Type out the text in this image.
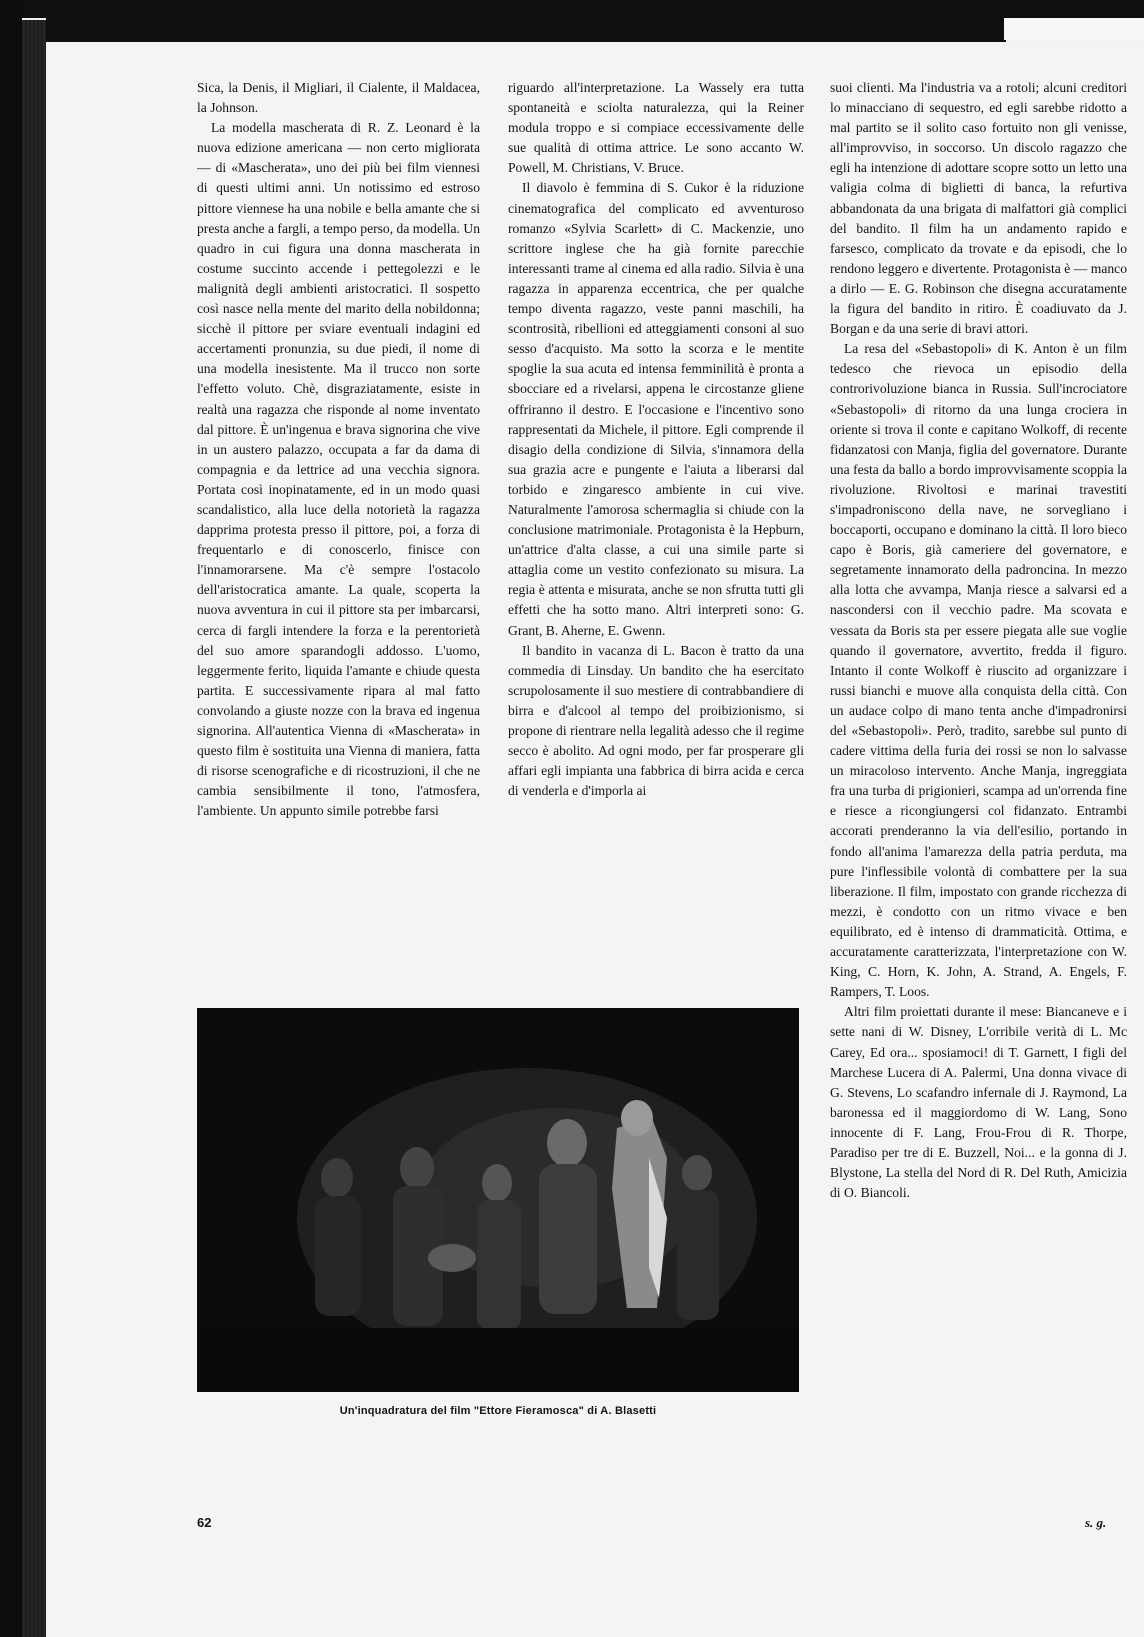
Sica, la Denis, il Migliari, il Cialente, il Maldacea, la Johnson.

La modella mascherata di R. Z. Leonard è la nuova edizione americana — non certo migliorata — di «Mascherata», uno dei più bei film viennesi di questi ultimi anni. Un notissimo ed estroso pittore viennese ha una nobile e bella amante che si presta anche a fargli, a tempo perso, da modella. Un quadro in cui figura una donna mascherata in costume succinto accende i pettegolezzi e le malignità degli ambienti aristocratici. Il sospetto così nasce nella mente del marito della nobildonna; sicchè il pittore per sviare eventuali indagini ed accertamenti pronunzia, su due piedi, il nome di una modella inesistente. Ma il trucco non sorte l'effetto voluto. Chè, disgraziatamente, esiste in realtà una ragazza che risponde al nome inventato dal pittore. È un'ingenua e brava signorina che vive in un austero palazzo, occupata a far da dama di compagnia e da lettrice ad una vecchia signora. Portata così inopinatamente, ed in un modo quasi scandalistico, alla luce della notorietà la ragazza dapprima protesta presso il pittore, poi, a forza di frequentarlo e di conoscerlo, finisce con l'innamorarsene. Ma c'è sempre l'ostacolo dell'aristocratica amante. La quale, scoperta la nuova avventura in cui il pittore sta per imbarcarsi, cerca di fargli intendere la forza e la perentorietà del suo amore sparandogli addosso. L'uomo, leggermente ferito, liquida l'amante e chiude questa partita. E successivamente ripara al mal fatto convolando a giuste nozze con la brava ed ingenua signorina. All'autentica Vienna di «Mascherata» in questo film è sostituita una Vienna di maniera, fatta di risorse scenografiche e di ricostruzioni, il che ne cambia sensibilmente il tono, l'atmosfera, l'ambiente. Un appunto simile potrebbe farsi

riguardo all'interpretazione. La Wassely era tutta spontaneità e sciolta naturalezza, qui la Reiner modula troppo e si compiace eccessivamente delle sue qualità di ottima attrice. Le sono accanto W. Powell, M. Christians, V. Bruce.

Il diavolo è femmina di S. Cukor è la riduzione cinematografica del complicato ed avventuroso romanzo «Sylvia Scarlett» di C. Mackenzie, uno scrittore inglese che ha già fornite parecchie interessanti trame al cinema ed alla radio. Silvia è una ragazza in apparenza eccentrica, che per qualche tempo diventa ragazzo, veste panni maschili, ha scontrosità, ribellioni ed atteggiamenti consoni al suo sesso d'acquisto. Ma sotto la scorza e le mentite spoglie la sua acuta ed intensa femminilità è pronta a sbocciare ed a rivelarsi, appena le circostanze gliene offriranno il destro. E l'occasione e l'incentivo sono rappresentati da Michele, il pittore. Egli comprende il disagio della condizione di Silvia, s'innamora della sua grazia acre e pungente e l'aiuta a liberarsi dal torbido e zingaresco ambiente in cui vive. Naturalmente l'amorosa schermaglia si chiude con la conclusione matrimoniale. Protagonista è la Hepburn, un'attrice d'alta classe, a cui una simile parte si attaglia come un vestito confezionato su misura. La regia è attenta e misurata, anche se non sfrutta tutti gli effetti che ha sotto mano. Altri interpreti sono: G. Grant, B. Aherne, E. Gwenn.

Il bandito in vacanza di L. Bacon è tratto da una commedia di Linsday. Un bandito che ha esercitato scrupolosamente il suo mestiere di contrabbandiere di birra e d'alcool al tempo del proibizionismo, si propone di rientrare nella legalità adesso che il regime secco è abolito. Ad ogni modo, per far prosperare gli affari egli impianta una fabbrica di birra acida e cerca di venderla e d'imporla ai

suoi clienti. Ma l'industria va a rotoli; alcuni creditori lo minacciano di sequestro, ed egli sarebbe ridotto a mal partito se il solito caso fortuito non gli venisse, all'improvviso, in soccorso. Un discolo ragazzo che egli ha intenzione di adottare scopre sotto un letto una valigia colma di biglietti di banca, la refurtiva abbandonata da una brigata di malfattori già complici del bandito. Il film ha un andamento rapido e farsesco, complicato da trovate e da episodi, che lo rendono leggero e divertente. Protagonista è — manco a dirlo — E. G. Robinson che disegna accuratamente la figura del bandito in ritiro. È coadiuvato da J. Borgan e da una serie di bravi attori.

La resa del «Sebastopoli» di K. Anton è un film tedesco che rievoca un episodio della controrivoluzione bianca in Russia. Sull'incrociatore «Sebastopoli» di ritorno da una lunga crociera in oriente si trova il conte e capitano Wolkoff, di recente fidanzatosi con Manja, figlia del governatore. Durante una festa da ballo a bordo improvvisamente scoppia la rivoluzione. Rivoltosi e marinai travestiti s'impadroniscono della nave, ne sorvegliano i boccaporti, occupano e dominano la città. Il loro bieco capo è Boris, già cameriere del governatore, e segretamente innamorato della padroncina. In mezzo alla lotta che avvampa, Manja riesce a salvarsi ed a nascondersi con il vecchio padre. Ma scovata e vessata da Boris sta per essere piegata alle sue voglie quando il governatore, avvertito, fredda il figuro. Intanto il conte Wolkoff è riuscito ad organizzare i russi bianchi e muove alla conquista della città. Con un audace colpo di mano tenta anche d'impadronirsi del «Sebastopoli». Però, tradito, sarebbe sul punto di cadere vittima della furia dei rossi se non lo salvasse un miracoloso intervento. Anche Manja, ingreggiata fra una turba di prigionieri, scampa ad un'orrenda fine e riesce a ricongiungersi col fidanzato. Entrambi accorati prenderanno la via dell'esilio, portando in fondo all'anima l'amarezza della patria perduta, ma pure l'inflessibile volontà di combattere per la sua liberazione. Il film, impostato con grande ricchezza di mezzi, è condotto con un ritmo vivace e ben equilibrato, ed è intenso di drammaticità. Ottima, e accuratamente caratterizzata, l'interpretazione con W. King, C. Horn, K. John, A. Strand, A. Engels, F. Rampers, T. Loos.

Altri film proiettati durante il mese: Biancaneve e i sette nani di W. Disney, L'orribile verità di L. Mc Carey, Ed ora... sposiamoci! di T. Garnett, I figli del Marchese Lucera di A. Palermi, Una donna vivace di G. Stevens, Lo scafandro infernale di J. Raymond, La baronessa ed il maggiordomo di W. Lang, Sono innocente di F. Lang, Frou-Frou di R. Thorpe, Paradiso per tre di E. Buzzell, Noi... e la gonna di J. Blystone, La stella del Nord di R. Del Ruth, Amicizia di O. Biancoli.

Un'inquadratura del film "Ettore Fieramosca" di A. Blasetti
62	s. g.
